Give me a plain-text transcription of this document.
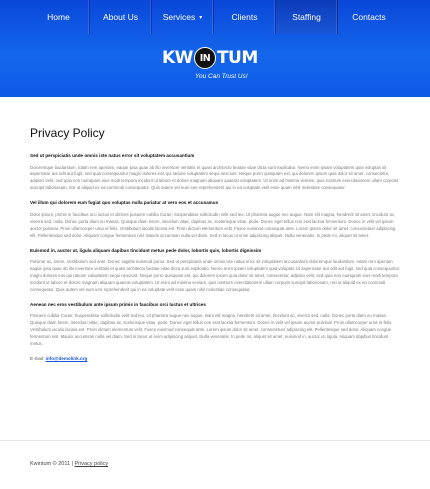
Home	About Us	Services ▾	Clients	Staffing	Contacts
KW IN TUM
You Can Trust Us!
Privacy Policy
Sed ut perspiciatis unde omnis iste natus error sit voluptatem accusantium

Doloremque laudantium, totam rem aperiam, eaque ipsa quae ab illo inventore veritatis et quasi architecto beatae vitae dicta sunt explicabo. Nemo enim ipsam voluptatem quia voluptas sit aspernatur aut odit aut fugit, sed quia consequuntur magni dolores eos qui ratione voluptatem sequi nesciunt. Neque porro quisquam est, qui dolorem ipsum quia dolor sit amet, consectetur, adipisci velit, sed quia non numquam eius modi tempora incidunt ut labore et dolore magnam aliquam quaerat voluptatem. Ut enim ad minima veniam, quis nostrum exercitationem ullam corporis suscipit laboriosam, nisi ut aliquid ex ea commodi consequatur. Quis autem vel eum iure reprehenderit qui in ea voluptate velit esse quam nihil molestiae consequatur.

Vel illum qui dolorem eum fugiat quo voluptas nulla pariatur at vero eos et accusamus

Dolor ipsum, primis in faucibus orci luctus et ultrices posuere cubilia Curae; Suspendisse sollicitudin velit sed leo. Ut pharetra augue nec augue. Nam elit magna, hendrerit sit amet, tincidunt ac, viverra sed, nulla. Donec porta diam eu massa. Quisque diam lorem, interdum vitae, dapibus ac, scelerisque vitae, pede. Donec eget tellus non erat lacinia fermentum. Donec in velit vel ipsum auctor pulvinar. Proin ullamcorper urna et felis. Vestibulum iaculis lacinia est. Proin dictum elementum velit. Fusce euismod consequat ante. Lorem ipsum dolor sit amet, consectetuer adipiscing elit. Pellentesque sed dolor. Aliquam congue fermentum nisl. Mauris accumsan nulla vel diam. Sed in lacus ut enim adipiscing aliquet. Nulla venenatis. In pede mi, aliquet sit amet.

Euismod in, auctor ut, ligula aliquam dapibus tincidunt metus pede dolor, lobortis quis, lobortis dignissim

Pulvinar ac, lorem. Vestibulum sed ante. Donec sagittis euismod purus. Sed ut perspiciatis unde omnis iste natus error sit voluptatem accusantium doloremque laudantium, totam rem aperiam, eaque ipsa quae ab illo inventore veritatis et quasi architecto beatae vitae dicta sunt explicabo. Nemo enim ipsam voluptatem quia voluptas sit aspernatur aut odit aut fugit, sed quia consequuntur magni dolores eos qui ratione voluptatem sequi nesciunt. Neque porro quisquam est, qui dolorem ipsum quia dolor sit amet, consectetur, adipisci velit, sed quia non numquam eius modi tempora incidunt ut labore et dolore magnam aliquam quaerat voluptatem. Ut enim ad minima veniam, quis nostrum exercitationem ullam corporis suscipit laboriosam, nisi ut aliquid ex ea commodi consequatur. Quis autem vel eum iure reprehenderit qui in ea voluptate velit esse quam nihil molestiae consequatur.

Aenean nec eros vestibulum ante ipsum primis in faucibus orci luctus et ultrices

Posuere cubilia Curae; Suspendisse sollicitudin velit sed leo. Ut pharetra augue nec augue. Nam elit magna, hendrerit sit amet, tincidunt ac, viverra sed, nulla. Donec porta diam eu massa. Quisque diam lorem, interdum vitae, dapibus ac, scelerisque vitae, pede. Donec eget tellus non erat lacinia fermentum. Donec in velit vel ipsum auctor pulvinar. Proin ullamcorper urna et felis. Vestibulum iaculis lacinia est. Proin dictum elementum velit. Fusce euismod consequat ante. Lorem ipsum dolor sit amet, consectetuer adipiscing elit. Pellentesque sed dolor. Aliquam congue fermentum nisl. Mauris accumsan nulla vel diam. Sed in lacus ut enim adipiscing aliquet. Nulla venenatis. In pede mi, aliquet sit amet, euismod in, auctor ut, ligula. Aliquam dapibus tincidunt metus.

E-mail: info@demolink.org
Kwintum © 2011 | Privacy policy
